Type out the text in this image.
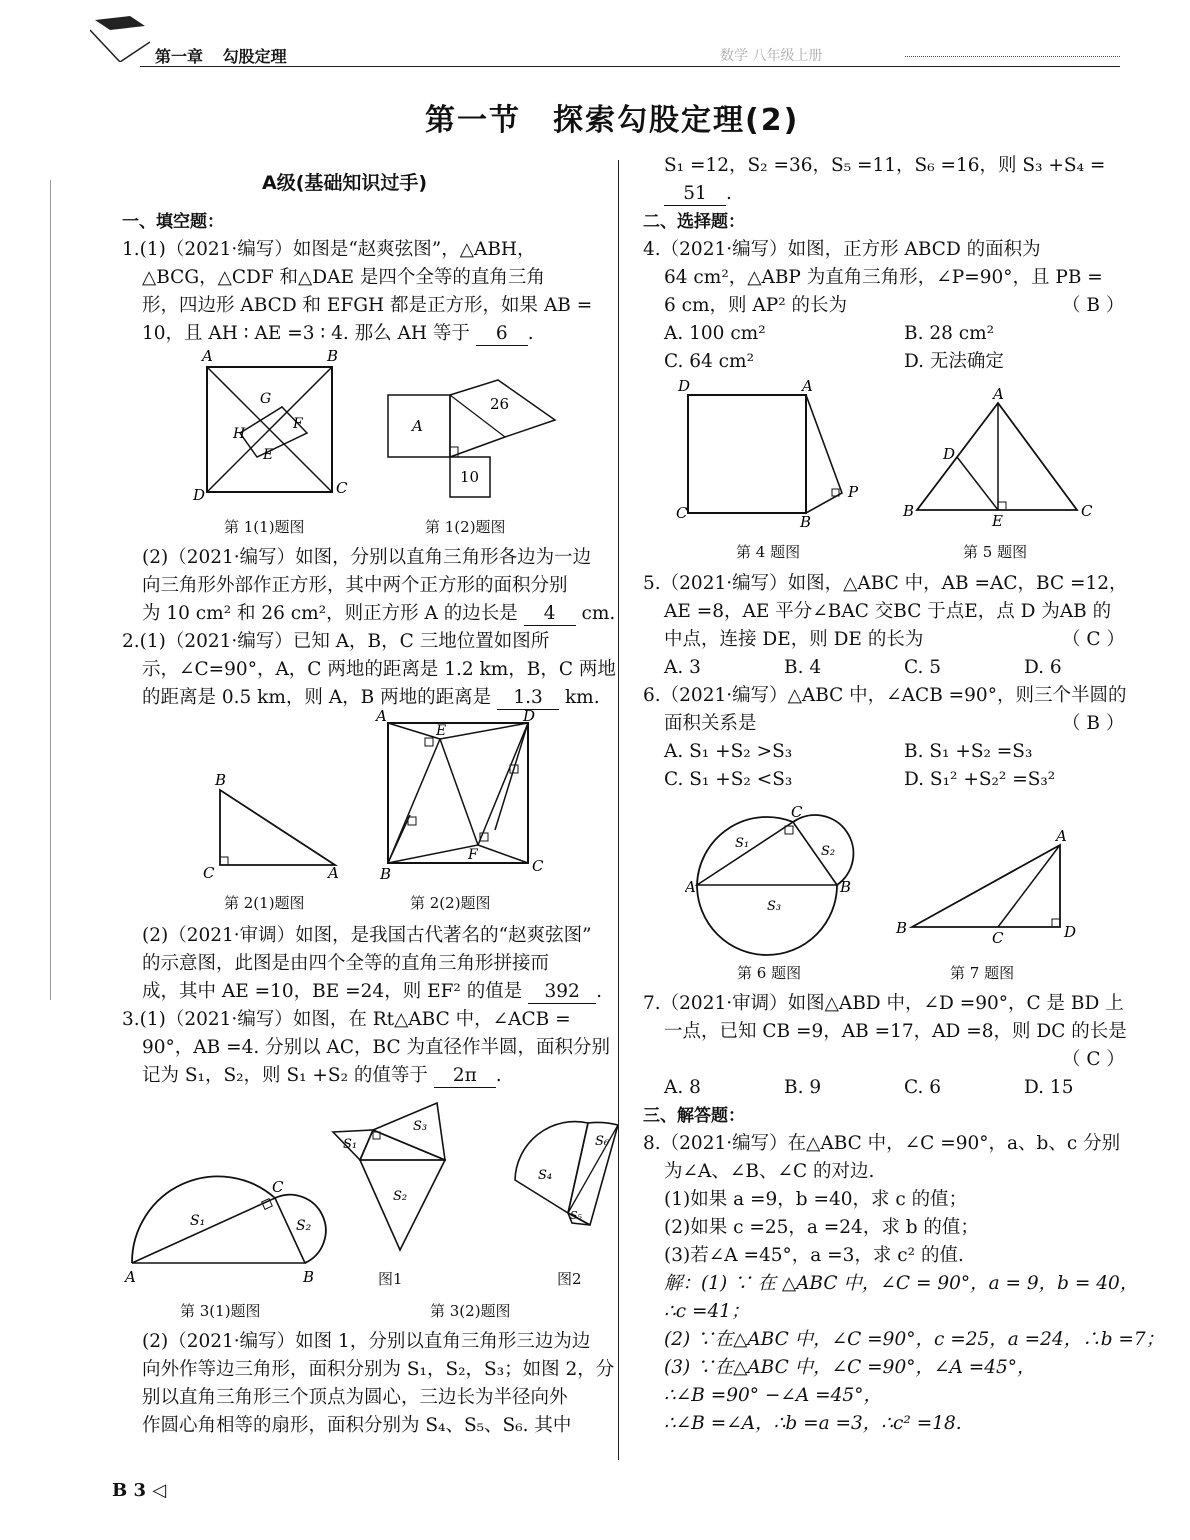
第一章 勾股定理	数学 八年级上册
第一节　探索勾股定理(2)
A级(基础知识过手)
一、填空题：
1.(1)（2021·编写）如图是“赵爽弦图”，△ABH，
△BCG，△CDF 和△DAE 是四个全等的直角三角
形，四边形 ABCD 和 EFGH 都是正方形，如果 AB =
10，且 AH ∶ AE =3 ∶ 4. 那么 AH 等于 6 .
A	B
C
D
G
F
E
H	A
26
10
第 1(1)题图	第 1(2)题图
(2)（2021·编写）如图，分别以直角三角形各边为一边
向三角形外部作正方形，其中两个正方形的面积分别
为 10 cm² 和 26 cm²，则正方形 A 的边长是 4 cm.
2.(1)（2021·编写）已知 A，B，C 三地位置如图所
示，∠C=90°，A，C 两地的距离是 1.2 km，B，C 两地
的距离是 0.5 km，则 A，B 两地的距离是 1.3 km.
B
C	A
A	D
E
F
B	C
第 2(1)题图	第 2(2)题图
(2)（2021·审调）如图，是我国古代著名的“赵爽弦图”
的示意图，此图是由四个全等的直角三角形拼接而
成，其中 AE =10，BE =24，则 EF² 的值是 392 .
3.(1)（2021·编写）如图，在 Rt△ABC 中，∠ACB =
90°，AB =4. 分别以 AC，BC 为直径作半圆，面积分别
记为 S₁，S₂，则 S₁ +S₂ 的值等于 2π .
A	B
C
S₁	S₂
S₁
S₂
S₃
S₄
S₆
S₅
图1	图2
第 3(1)题图	第 3(2)题图
(2)（2021·编写）如图 1，分别以直角三角形三边为边
向外作等边三角形，面积分别为 S₁，S₂，S₃；如图 2，分
别以直角三角形三个顶点为圆心，三边长为半径向外
作圆心角相等的扇形，面积分别为 S₄、S₅、S₆. 其中
S₁ =12，S₂ =36，S₅ =11，S₆ =16，则 S₃ +S₄ =
51 .
二、选择题：
4.（2021·编写）如图，正方形 ABCD 的面积为
64 cm²，△ABP 为直角三角形，∠P=90°，且 PB =
6 cm，则 AP² 的长为	（ B ）
A. 100 cm²	B. 28 cm²
C. 64 cm²	D. 无法确定
D	A
C	B
P
A
D
B
E
C
第 4 题图	第 5 题图
5.（2021·编写）如图，△ABC 中，AB =AC，BC =12，
AE =8，AE 平分∠BAC 交BC 于点E，点 D 为AB 的
中点，连接 DE，则 DE 的长为	（ C ）
A. 3	B. 4	C. 5	D. 6
6.（2021·编写）△ABC 中，∠ACB =90°，则三个半圆的
面积关系是	（ B ）
A. S₁ +S₂ >S₃	B. S₁ +S₂ =S₃
C. S₁ +S₂ <S₃	D. S₁² +S₂² =S₃²
A	B
C
S₁
S₂
S₃
A
B
C	D
第 6 题图	第 7 题图
7.（2021·审调）如图△ABD 中，∠D =90°，C 是 BD 上
一点，已知 CB =9，AB =17，AD =8，则 DC 的长是
（ C ）
A. 8	B. 9	C. 6	D. 15
三、解答题：
8.（2021·编写）在△ABC 中，∠C =90°，a、b、c 分别
为∠A、∠B、∠C 的对边.
(1)如果 a =9，b =40，求 c 的值；
(2)如果 c =25，a =24，求 b 的值；
(3)若∠A =45°，a =3，求 c² 的值.
解：(1) ∵ 在 △ABC 中，∠C = 90°，a = 9，b = 40，
∴c =41；
(2) ∵在△ABC 中，∠C =90°，c =25，a =24，∴b =7；
(3) ∵在△ABC 中，∠C =90°，∠A =45°，
∴∠B =90° −∠A =45°，
∴∠B =∠A，∴b =a =3，∴c² =18.
B 3 ◁
